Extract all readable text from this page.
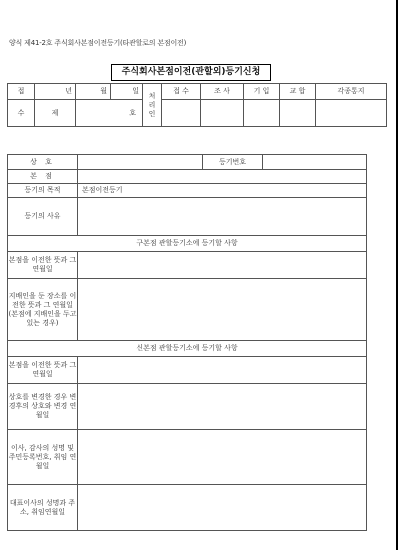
양식 제41-2호 주식회사본점이전등기(타관할로의 본점이전)
주식회사본점이전(관할외)등기신청
접	년	월	일	처 리 인	접 수	조 사	기 입	교 합	각종통지
수	제	호							
상 호		등기번호	
본 점			
등기의 목적	본점이전등기		
등기의 사유			
구본점 관할등기소에 등기할 사항			
본점을 이전한 뜻과 그 연월일			
지배인을 둔 장소를 이전한 뜻과 그 연월일 (본점에 지배인을 두고 있는 경우)			
신본점 관할등기소에 등기할 사항			
본점을 이전한 뜻과 그 연월일			
상호를 변경한 경우 변경후의 상호와 변경 연월일			
이사, 감사의 성명 및 주민등록번호, 취임 연월일			
대표이사의 성명과 주소, 취임연월일			
